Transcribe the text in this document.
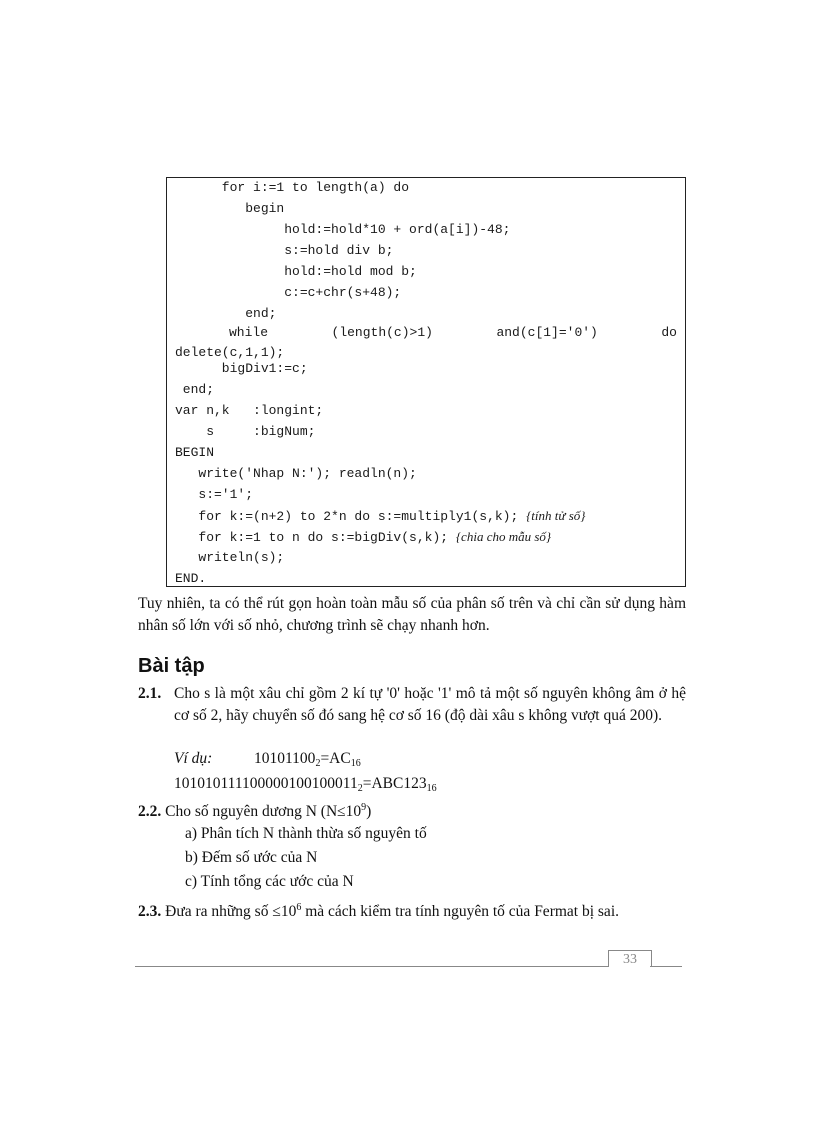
for i:=1 to length(a) do
begin
hold:=hold*10 + ord(a[i])-48;
s:=hold div b;
hold:=hold mod b;
c:=c+chr(s+48);
end;
while	(length(c)>1)	and(c[1]='0')	do
delete(c,1,1);
bigDiv1:=c;
end;
var n,k   :longint;
s     :bigNum;
BEGIN
write('Nhap N:'); readln(n);
s:='1';
for k:=(n+2) to 2*n do s:=multiply1(s,k); {tính tử số}
for k:=1 to n do s:=bigDiv(s,k); {chia cho mẫu số}
writeln(s);
END.
Tuy nhiên, ta có thể rút gọn hoàn toàn mẫu số của phân số trên và chỉ cần sử dụng hàm nhân số lớn với số nhỏ, chương trình sẽ chạy nhanh hơn.
Bài tập
2.1. Cho s là một xâu chỉ gồm 2 kí tự '0' hoặc '1' mô tả một số nguyên không âm ở hệ cơ số 2, hãy chuyển số đó sang hệ cơ số 16 (độ dài xâu s không vượt quá 200).
Ví dụ:	$10101100_2=AC_{16}$
$101010111100000100100011_2=ABC123_{16}$
2.2. Cho số nguyên dương N $(N\le 10^9)$
a) Phân tích N thành thừa số nguyên tố
b) Đếm số ước của N
c) Tính tổng các ước của N
2.3. Đưa ra những số $\le 10^6$ mà cách kiểm tra tính nguyên tố của Fermat bị sai.
33
